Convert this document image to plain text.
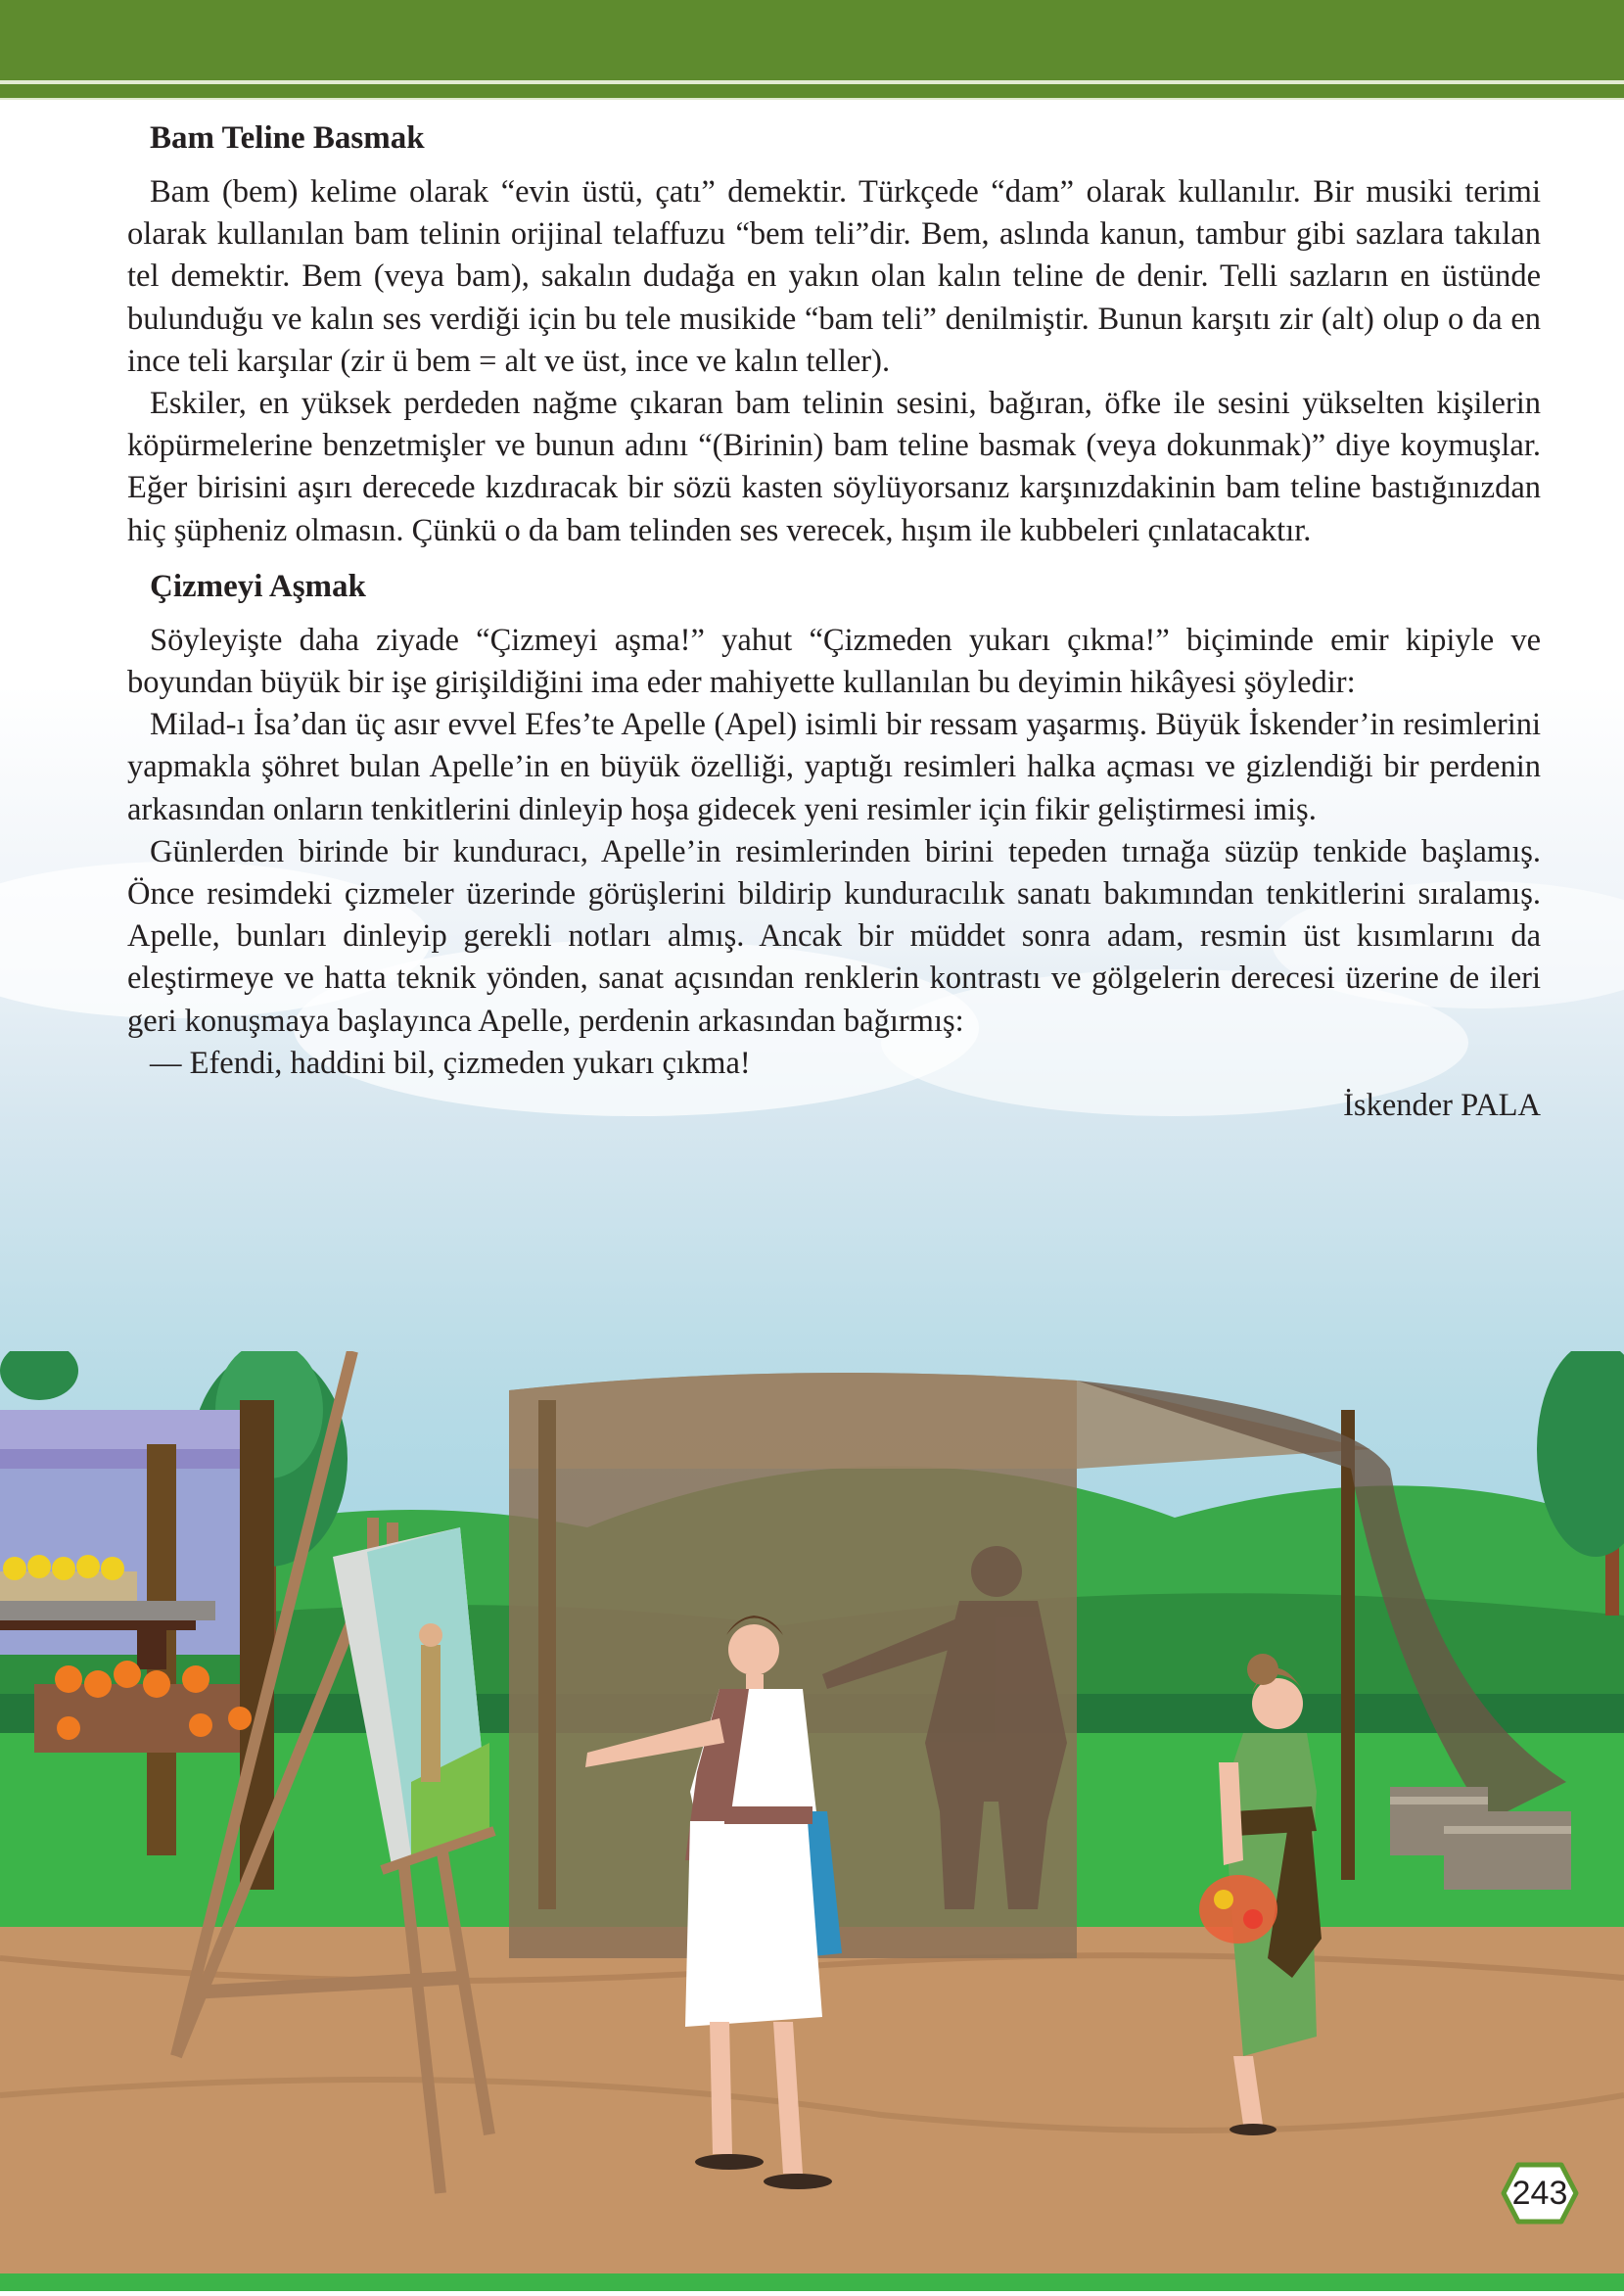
Bam Teline Basmak

Bam (bem) kelime olarak “evin üstü, çatı” demektir. Türkçede “dam” olarak kullanılır. Bir musiki terimi olarak kullanılan bam telinin orijinal telaffuzu “bem teli”dir. Bem, aslında kanun, tambur gibi sazlara takılan tel demektir. Bem (veya bam), sakalın dudağa en yakın olan kalın teline de denir. Telli sazların en üstünde bulunduğu ve kalın ses verdiği için bu tele musikide “bam teli” denilmiştir. Bunun karşıtı zir (alt) olup o da en ince teli karşılar (zir ü bem = alt ve üst, ince ve kalın teller).

Eskiler, en yüksek perdeden nağme çıkaran bam telinin sesini, bağıran, öfke ile sesini yükselten kişilerin köpürmelerine benzetmişler ve bunun adını “(Birinin) bam teline basmak (veya dokunmak)” diye koymuşlar. Eğer birisini aşırı derecede kızdıracak bir sözü kasten söylüyorsanız karşınızdakinin bam teline bastığınızdan hiç şüpheniz olmasın. Çünkü o da bam telinden ses verecek, hışım ile kubbeleri çınlatacaktır.

Çizmeyi Aşmak

Söyleyişte daha ziyade “Çizmeyi aşma!” yahut “Çizmeden yukarı çıkma!” biçiminde emir kipiyle ve boyundan büyük bir işe girişildiğini ima eder mahiyette kullanılan bu deyimin hikâyesi şöyledir:

Milad-ı İsa’dan üç asır evvel Efes’te Apelle (Apel) isimli bir ressam yaşarmış. Büyük İskender’in resimlerini yapmakla şöhret bulan Apelle’in en büyük özelliği, yaptığı resimleri halka açması ve gizlendiği bir perdenin arkasından onların tenkitlerini dinleyip hoşa gidecek yeni resimler için fikir geliştirmesi imiş.

Günlerden birinde bir kunduracı, Apelle’in resimlerinden birini tepeden tırnağa süzüp tenkide başlamış. Önce resimdeki çizmeler üzerinde görüşlerini bildirip kunduracılık sanatı bakımından tenkitlerini sıralamış. Apelle, bunları dinleyip gerekli notları almış. Ancak bir müddet sonra adam, resmin üst kısımlarını da eleştirmeye ve hatta teknik yönden, sanat açısından renklerin kontrastı ve gölgelerin derecesi üzerine de ileri geri konuşmaya başlayınca Apelle, perdenin arkasından bağırmış:

— Efendi, haddini bil, çizmeden yukarı çıkma!

İskender PALA

243
